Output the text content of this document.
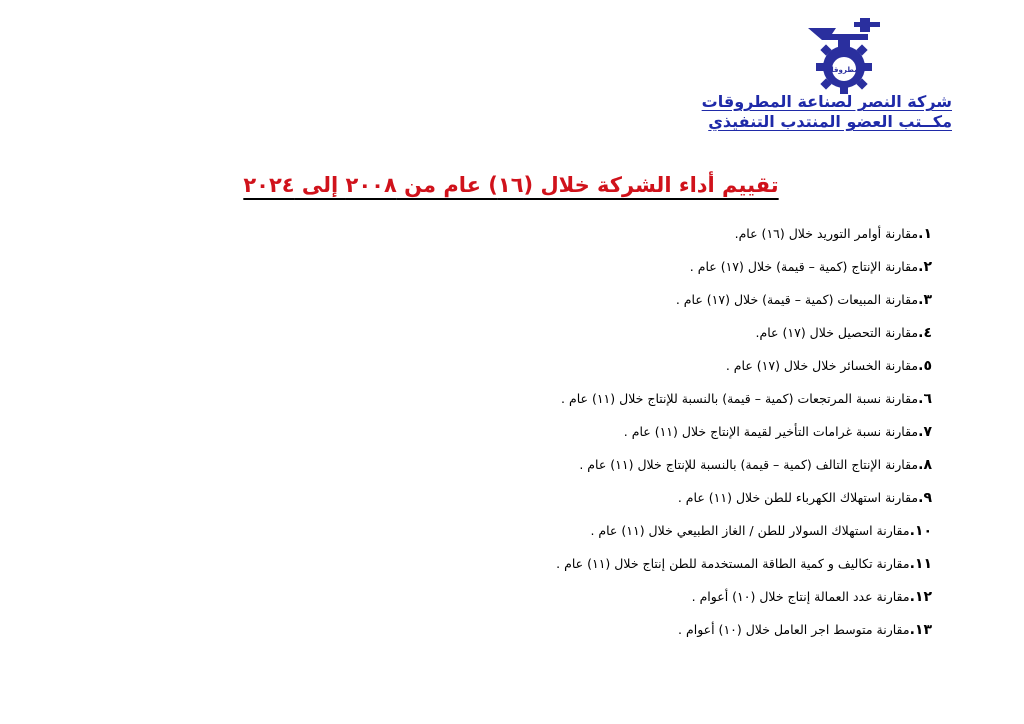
المطروقات
شركة النصر لصناعة المطروقات
مكــتب العضو المنتدب التنفيذي
تقييم أداء الشركة خلال (١٦) عام من ٢٠٠٨ إلى ٢٠٢٤
١.مقارنة أوامر التوريد خلال (١٦) عام.
٢.مقارنة الإنتاج (كمية – قيمة) خلال (١٧) عام .
٣.مقارنة المبيعات (كمية – قيمة) خلال (١٧) عام .
٤.مقارنة التحصيل خلال (١٧) عام.
٥.مقارنة الخسائر خلال خلال (١٧) عام .
٦.مقارنة نسبة المرتجعات (كمية – قيمة) بالنسبة للإنتاج خلال (١١) عام .
٧.مقارنة نسبة غرامات التأخير لقيمة الإنتاج خلال (١١) عام .
٨.مقارنة الإنتاج التالف (كمية – قيمة) بالنسبة للإنتاج خلال (١١) عام .
٩.مقارنة استهلاك الكهرباء للطن خلال (١١) عام .
١٠.مقارنة استهلاك السولار للطن / الغاز الطبيعي خلال (١١) عام .
١١.مقارنة تكاليف و كمية الطاقة المستخدمة للطن إنتاج خلال (١١) عام .
١٢.مقارنة عدد العمالة إنتاج خلال (١٠) أعوام .
١٣.مقارنة متوسط اجر العامل خلال (١٠) أعوام .
